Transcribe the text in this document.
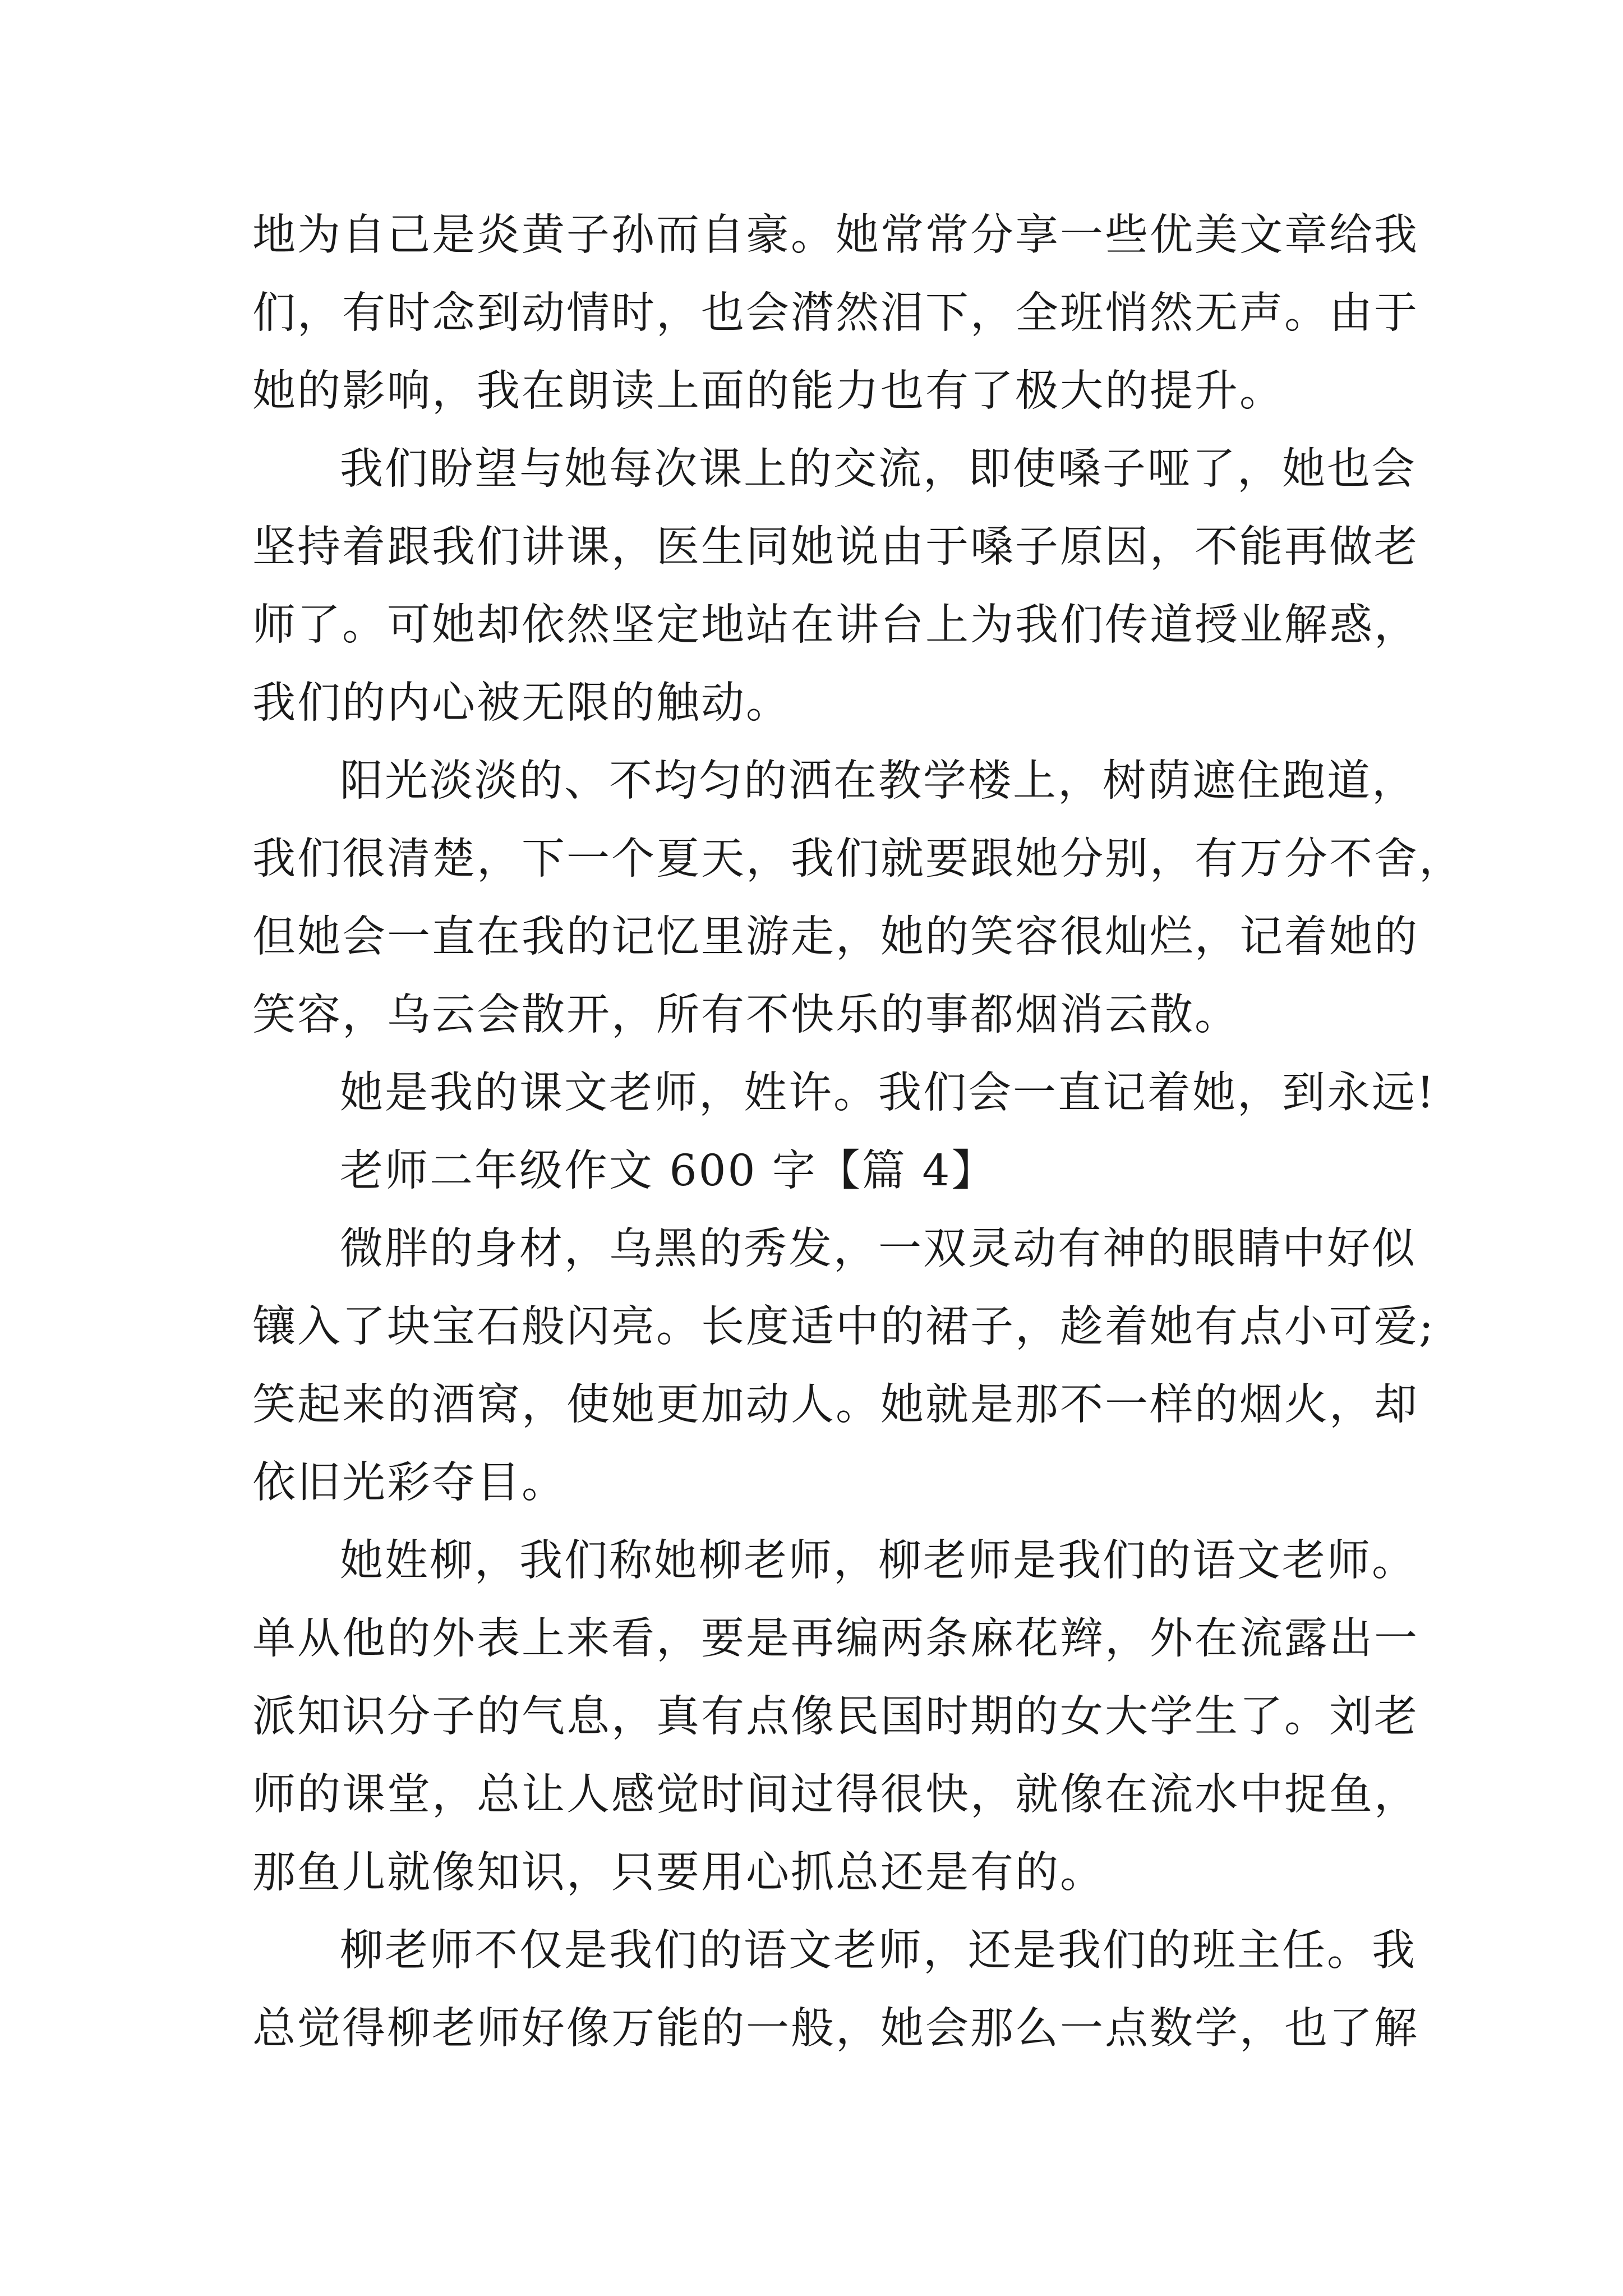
地为自己是炎黄子孙而自豪。她常常分享一些优美文章给我
们，有时念到动情时，也会潸然泪下，全班悄然无声。由于
她的影响，我在朗读上面的能力也有了极大的提升。
我们盼望与她每次课上的交流，即使嗓子哑了，她也会
坚持着跟我们讲课，医生同她说由于嗓子原因，不能再做老
师了。可她却依然坚定地站在讲台上为我们传道授业解惑，
我们的内心被无限的触动。
阳光淡淡的、不均匀的洒在教学楼上，树荫遮住跑道，
我们很清楚，下一个夏天，我们就要跟她分别，有万分不舍，
但她会一直在我的记忆里游走，她的笑容很灿烂，记着她的
笑容，乌云会散开，所有不快乐的事都烟消云散。
她是我的课文老师，姓许。我们会一直记着她，到永远!
老师二年级作文 600 字【篇 4】
微胖的身材，乌黑的秀发，一双灵动有神的眼睛中好似
镶入了块宝石般闪亮。长度适中的裙子，趁着她有点小可爱;
笑起来的酒窝，使她更加动人。她就是那不一样的烟火，却
依旧光彩夺目。
她姓柳，我们称她柳老师，柳老师是我们的语文老师。
单从他的外表上来看，要是再编两条麻花辫，外在流露出一
派知识分子的气息，真有点像民国时期的女大学生了。刘老
师的课堂，总让人感觉时间过得很快，就像在流水中捉鱼，
那鱼儿就像知识，只要用心抓总还是有的。
柳老师不仅是我们的语文老师，还是我们的班主任。我
总觉得柳老师好像万能的一般，她会那么一点数学，也了解
